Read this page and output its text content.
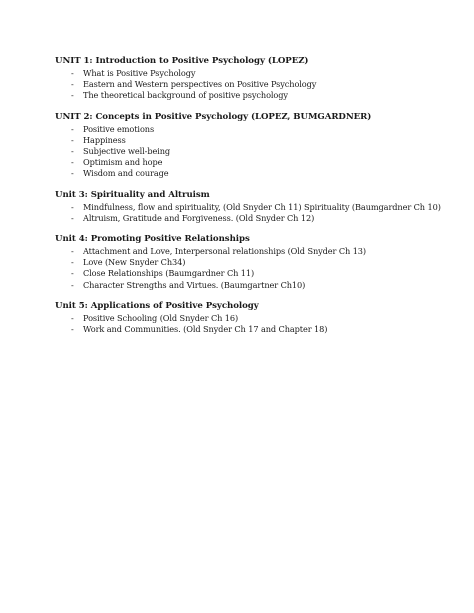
UNIT 1: Introduction to Positive Psychology (LOPEZ)
- What is Positive Psychology
- Eastern and Western perspectives on Positive Psychology
- The theoretical background of positive psychology
UNIT 2: Concepts in Positive Psychology (LOPEZ, BUMGARDNER)
- Positive emotions
- Happiness
- Subjective well-being
- Optimism and hope
- Wisdom and courage
Unit 3: Spirituality and Altruism
- Mindfulness, flow and spirituality, (Old Snyder Ch 11) Spirituality (Baumgardner Ch 10)
- Altruism, Gratitude and Forgiveness. (Old Snyder Ch 12)
Unit 4: Promoting Positive Relationships
- Attachment and Love, Interpersonal relationships (Old Snyder Ch 13)
- Love (New Snyder Ch34)
- Close Relationships (Baumgardner Ch 11)
- Character Strengths and Virtues. (Baumgartner Ch10)
Unit 5: Applications of Positive Psychology
- Positive Schooling (Old Snyder Ch 16)
- Work and Communities. (Old Snyder Ch 17 and Chapter 18)
